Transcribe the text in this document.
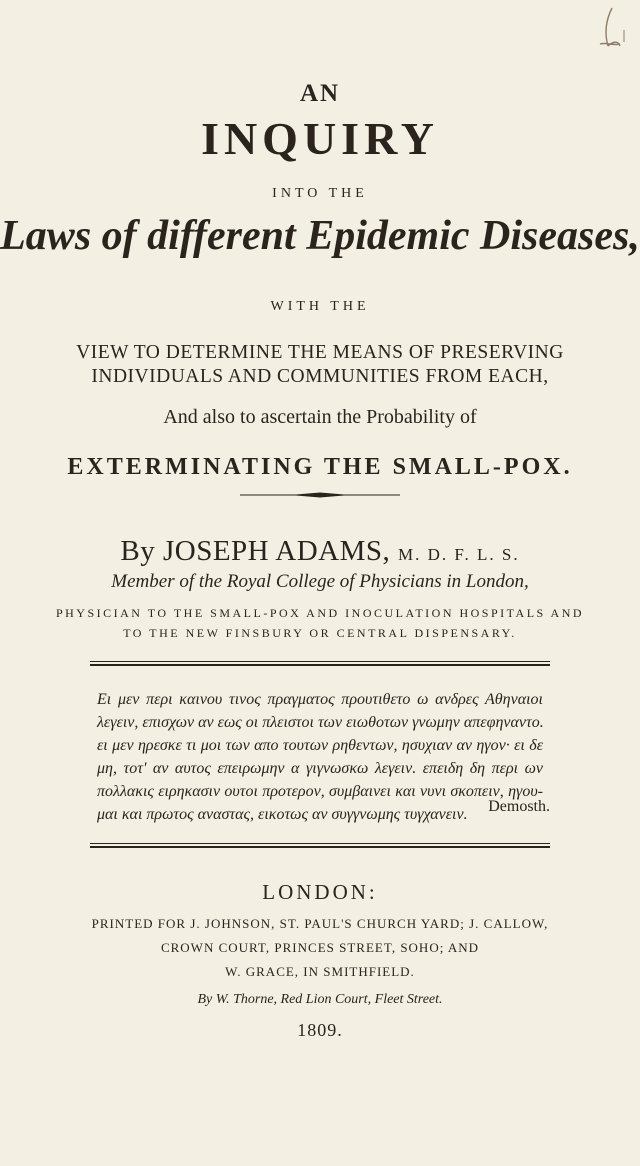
AN
INQUIRY
INTO THE
Laws of different Epidemic Diseases,
WITH THE
VIEW TO DETERMINE THE MEANS OF PRESERVING
INDIVIDUALS AND COMMUNITIES FROM EACH,
And also to ascertain the Probability of
EXTERMINATING THE SMALL-POX.
By JOSEPH ADAMS, M. D. F. L. S.
Member of the Royal College of Physicians in London,
PHYSICIAN TO THE SMALL-POX AND INOCULATION HOSPITALS AND
TO THE NEW FINSBURY OR CENTRAL DISPENSARY.
Ει μεν περι καινου τινος πραγματος προυτιθετο ω ανδρες Αθηναιοι
λεγειν, επισχων αν εως οι πλειστοι των ειωθοτων γνωμην απεφηναντο.
ει μεν ηρεσκε τι μοι των απο τουτων ρηθεντων, ησυχιαν αν ηγον· ει δε
μη, τοτ' αν αυτος επειρωμην α γιγνωσκω λεγειν. επειδη δη περι ων
πολλακις ειρηκασιν ουτοι προτερον, συμβαινει και νυνι σκοπειν, ηγου-
μαι και πρωτος αναστας, εικοτως αν συγγνωμης τυγχανειν.	Demosth.
LONDON:
PRINTED FOR J. JOHNSON, ST. PAUL'S CHURCH YARD; J. CALLOW,
CROWN COURT, PRINCES STREET, SOHO; AND
W. GRACE, IN SMITHFIELD.
By W. Thorne, Red Lion Court, Fleet Street.
1809.
